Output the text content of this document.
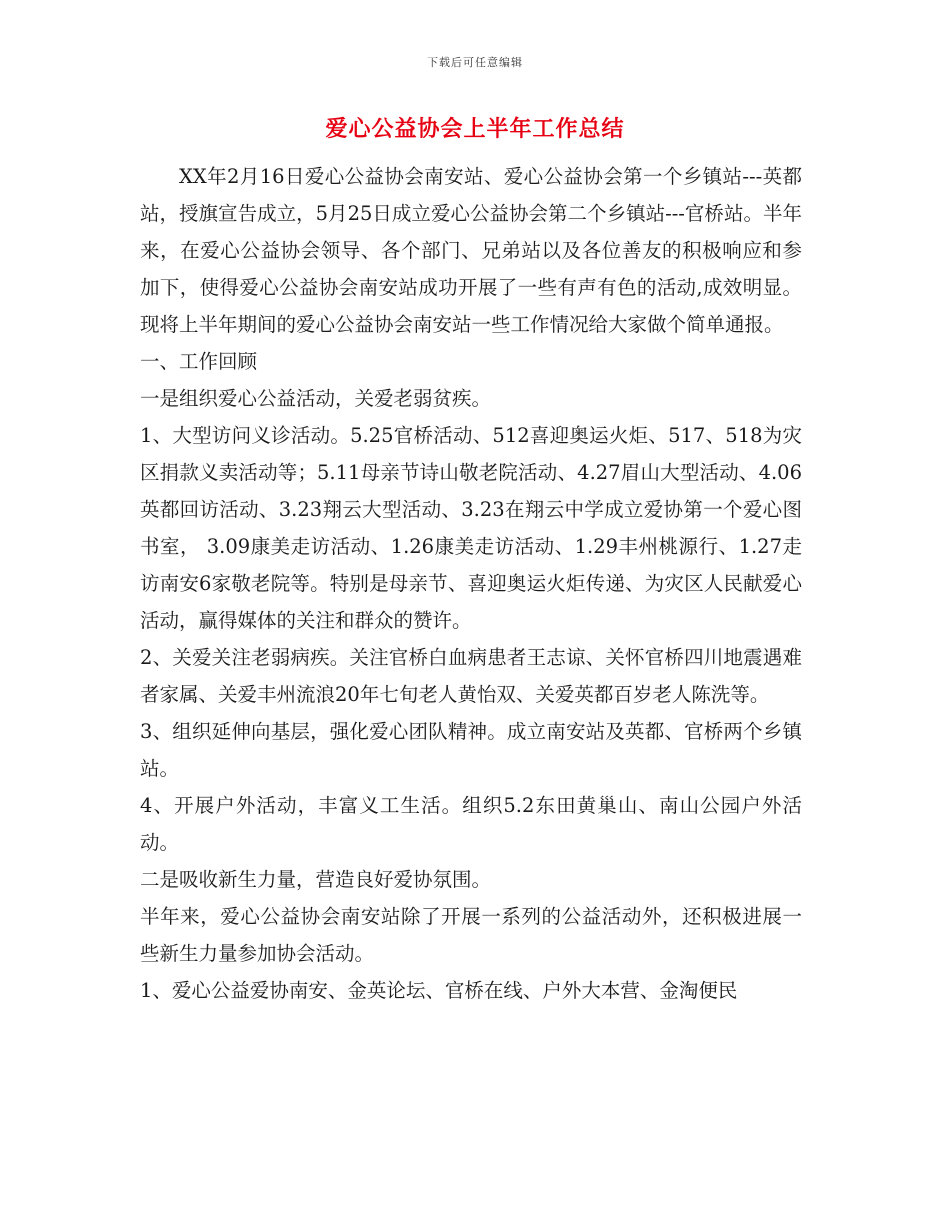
下载后可任意编辑
爱心公益协会上半年工作总结

XX年2月16日爱心公益协会南安站、爱心公益协会第一个乡镇站---英都站，授旗宣告成立，5月25日成立爱心公益协会第二个乡镇站---官桥站。半年来，在爱心公益协会领导、各个部门、兄弟站以及各位善友的积极响应和参加下，使得爱心公益协会南安站成功开展了一些有声有色的活动,成效明显。现将上半年期间的爱心公益协会南安站一些工作情况给大家做个简单通报。

一、工作回顾

一是组织爱心公益活动，关爱老弱贫疾。

1、大型访问义诊活动。5.25官桥活动、512喜迎奥运火炬、517、518为灾区捐款义卖活动等；5.11母亲节诗山敬老院活动、4.27眉山大型活动、4.06英都回访活动、3.23翔云大型活动、3.23在翔云中学成立爱协第一个爱心图书室， 3.09康美走访活动、1.26康美走访活动、1.29丰州桃源行、1.27走访南安6家敬老院等。特别是母亲节、喜迎奥运火炬传递、为灾区人民献爱心活动，赢得媒体的关注和群众的赞许。

2、关爱关注老弱病疾。关注官桥白血病患者王志谅、关怀官桥四川地震遇难者家属、关爱丰州流浪20年七旬老人黄怡双、关爱英都百岁老人陈洗等。

3、组织延伸向基层，强化爱心团队精神。成立南安站及英都、官桥两个乡镇站。

4、开展户外活动，丰富义工生活。组织5.2东田黄巢山、南山公园户外活动。

二是吸收新生力量，营造良好爱协氛围。

半年来，爱心公益协会南安站除了开展一系列的公益活动外，还积极进展一些新生力量参加协会活动。

1、爱心公益爱协南安、金英论坛、官桥在线、户外大本营、金淘便民
